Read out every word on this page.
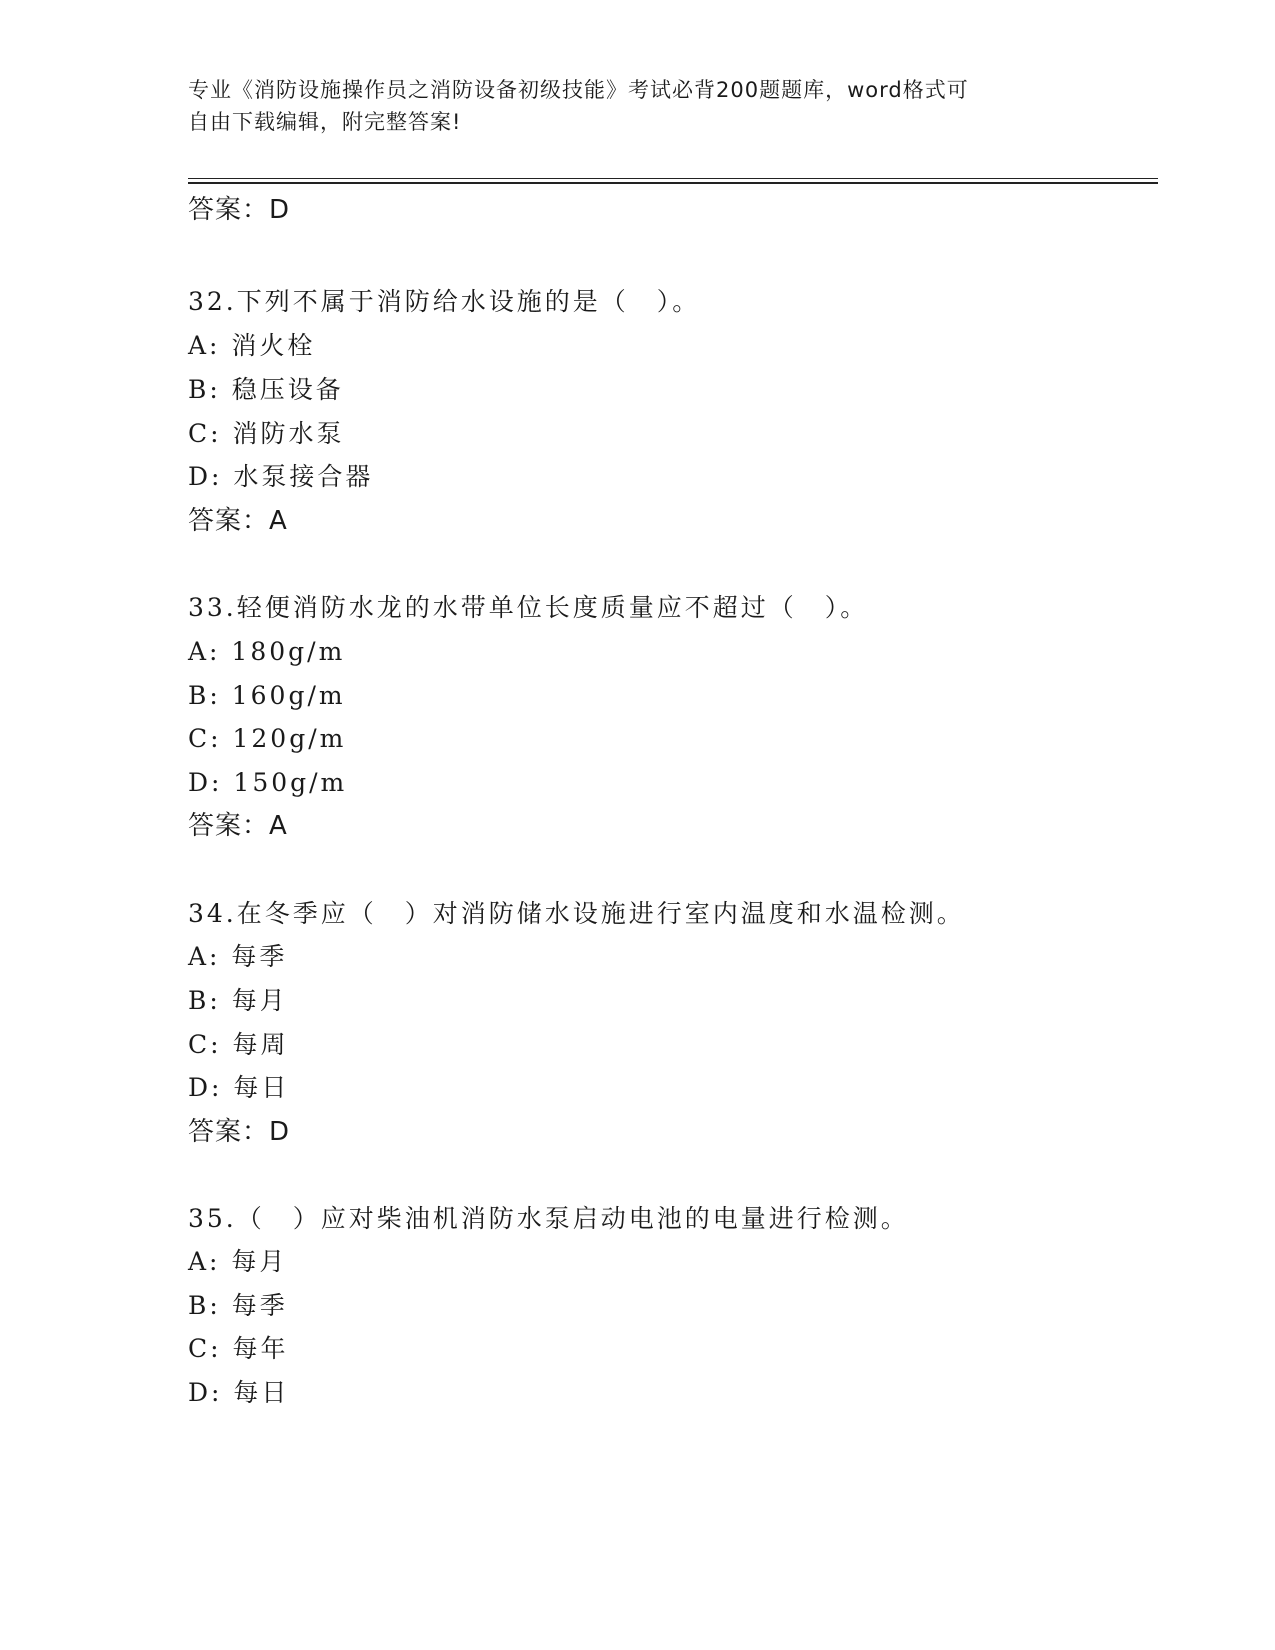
专业《消防设施操作员之消防设备初级技能》考试必背200题题库，word格式可
自由下载编辑，附完整答案!
答案：D
32.下列不属于消防给水设施的是（　）。
A: 消火栓
B: 稳压设备
C: 消防水泵
D: 水泵接合器
答案：A
33.轻便消防水龙的水带单位长度质量应不超过（　）。
A: 180g/m
B: 160g/m
C: 120g/m
D: 150g/m
答案：A
34.在冬季应（　）对消防储水设施进行室内温度和水温检测。
A: 每季
B: 每月
C: 每周
D: 每日
答案：D
35.（　）应对柴油机消防水泵启动电池的电量进行检测。
A: 每月
B: 每季
C: 每年
D: 每日
